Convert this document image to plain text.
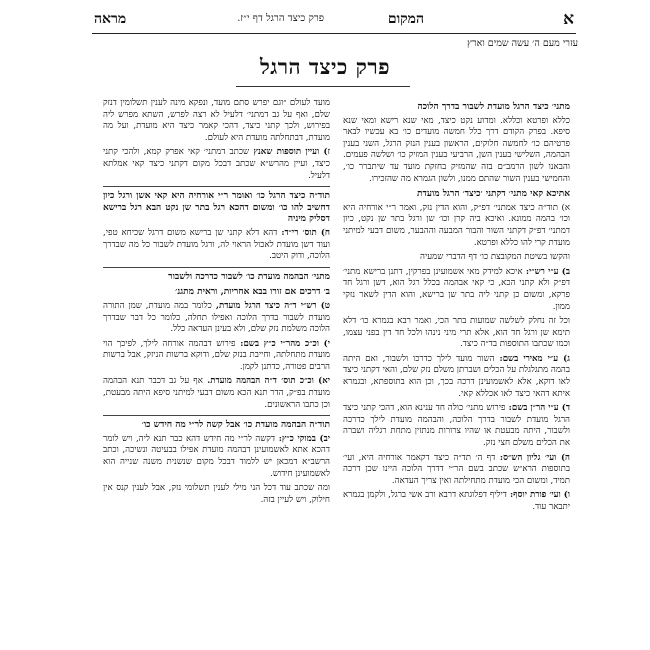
א
המקום
פרק כיצד הרגל דף י״ז.
מראה
עזרי מעם ה׳ עשה שמים וארץ
פרק כיצד הרגל
מתני׳ כיצד הרגל מועדת לשבור בדרך הלוכה
כללא ופרטא וכללא. ומדוע נקט כיצד, מאי שנא רישא ומאי שנא סיפא. בפרק הקודם דרך כלל חמשה מועדים כו׳ בא עכשיו לבאר פרטיהם כו׳ לחמשה חלוקים, הראשון בענין הנזק הרגל, השני בענין הבהמה, השלישי בענין השן, הרביעי בענין המזיק כו׳ ושלשה פעמים. והבאנו לשון הרמב״ם בזה שהמזיק בחזקת מועד עד שיתברר כו׳, והחמישי בענין השור שהתם ממנו, ולשון הגמרא מה שהזכירו.
אתיכא קאי מתני׳ דקתני ׳כיצד׳ הרגל מועדת
א) תוד״ה כיצד אמתני׳ דפ״ק, והוא הדין נזק, ואמר ר״י אורחיה היא וכו׳ בהמה ממונא. ואיכא ביה קרן וכו׳ שן ורגל בתר שן נקט, כיון דמתני׳ דפ״ק דקתני השור והבור המבעה וההבער, משום דבעי למיתני מועדת קרי להו כללא ופרטא.
והקשו בשיטת המקובצת כו׳ דף הדברי שמעיה
ב) ע״י רש״י: איכא למידק מאי אשמועינן בפרקין, דתנן ברישא מתני׳ דפ״ק ולא קתני הכא, כי קאי אבהמה בכלל רגל הוא, דשן ורגל חד פרקא, ומשום כן קתני ליה בתר שן ברישא, והוא הדין לשאר נזקי ממון.
וכל זה נחלק לשלשה שמועות בתר הכי, ואמר רבא בגמרא כו׳ דלא תימא שן ורגל חד הוא, אלא תרי מיני נינהו ולכל חד דין בפני עצמו, וכמו שכתבו התוספות בד״ה כיצד.
ג) ע״י מאירי בשם: השור מועד לילך כדרכו ולשבור, ואם היתה בהמה מתגלגלת על הכלים ושברתן משלם נזק שלם, והאי דקתני כיצד לאו דוקא, אלא לאשמועינן דרכה בכך, וכן הוא בתוספתא, ובגמרא איתא דהאי כיצד לאו אכללא קאי.
ד) ע״י הר״ן בשם: פירוש מתני׳ כולה חד ענינא הוא, דהכי קתני כיצד הרגל מועדת לשבור בדרך הלוכה, והבהמה מועדת לילך כדרכה ולשבור, היתה מבעטת או שהיו צרורות מנתזין מתחת רגליה ושברה את הכלים משלם חצי נזק.
ה) ועי׳ גליון הש״ס: דף ה׳ תד״ה כיצד דקאמר אורחיה היא, ועי׳ בתוספות הרא״ש שכתב בשם הר״י דדרך הלוכה היינו שכן דרכה תמיד, ומשום הכי מועדת מתחילתה ואין צריך העדאה.
ו) ועי׳ פורת יוסף: דיליף דפלוגתא דרבא ורב אשי ברגל, ולקמן בגמרא יתבאר עוד.
מועד לעולם ״וגם יפרש סתם מועד, ונפקא מינה לענין תשלומין דנזק שלם, ואף על גב דמתני׳ דלעיל לא רצה לפרש, השתא מפרש ליה בפירוש, ולכך קתני כיצד, דהכי קאמר כיצד היא מועדת, ועל מה מועדת, דבתחלתה מועדת היא לעולם.
ז) ועיין תוספות שאנץ שכתב דמתני׳ קאי אפרק קמא, ולהכי קתני כיצד, ועיין מהרש״א שכתב דבכל מקום דקתני כיצד קאי אמלתא דלעיל.
תוד״ה כיצד הרגל כו׳ ואומר ר״י אורחיה היא קאי אשן ורגל כיון דחשיב להו כו׳ ומשום דהכא רגל בתר שן נקט הבא רגל ברישא דסליק מיניה
ח) תוס׳ רי״ד: דהא דלא קתני שן ברישא משום דרגל שכיחא טפי, ועוד דשן מועדת לאכול הראוי לה, ורגל מועדת לשבור כל מה שבדרך הלוכה, ודוק היטב.
מתני׳ הבהמה מועדת כו׳ לשבור כדרכה ולשבור
ב׳ דרכים אם זורו בבא אחריות, וראית מתגנ׳
ט) רש״י ד״ה כיצד הרגל מועדת, כלומר במה מועדת, שמן התורה מועדת לשבור בדרך הלוכה ואפילו תחלה, כלומר כל דבר שבדרך הלוכה משלמת נזק שלם, ולא בעינן העדאה כלל.
י) וכ״כ מהר״י כ״ץ בשם: פירוש דבהמה אורחה לילך, לפיכך הוי מועדת מתחלתה, וחייבת בנזק שלם, ודוקא ברשות הניזק, אבל ברשות הרבים פטורה, כדתנן לקמן.
יא) וכ״כ תוס׳ ד״ה הבהמה מועדת. אף על גב דכבר תנא הבהמה מועדת בפ״ק, הדר תנא הכא משום דבעי למיתני סיפא היתה מבעטת, וכן כתבו הראשונים.
תוד״ה הבהמה מועדת כו׳ אבל קשה לר״י מה חידש כו׳
יב) במוקי כ״ץ: דקשה לר״י מה חידש דהא כבר תנא ליה, ויש לומר דהכא אתא לאשמועינן דבהמה מועדת אפילו בבעיטה ונשיכה, וכתב הרשב״א דמכאן יש ללמוד דבכל מקום שנשנית משנה שנייה הוא לאשמועינן חידוש.
ומה שכתב עוד דכל הני מילי לענין תשלומי נזק, אבל לענין קנס אין חילוק, ויש לעיין בזה.
